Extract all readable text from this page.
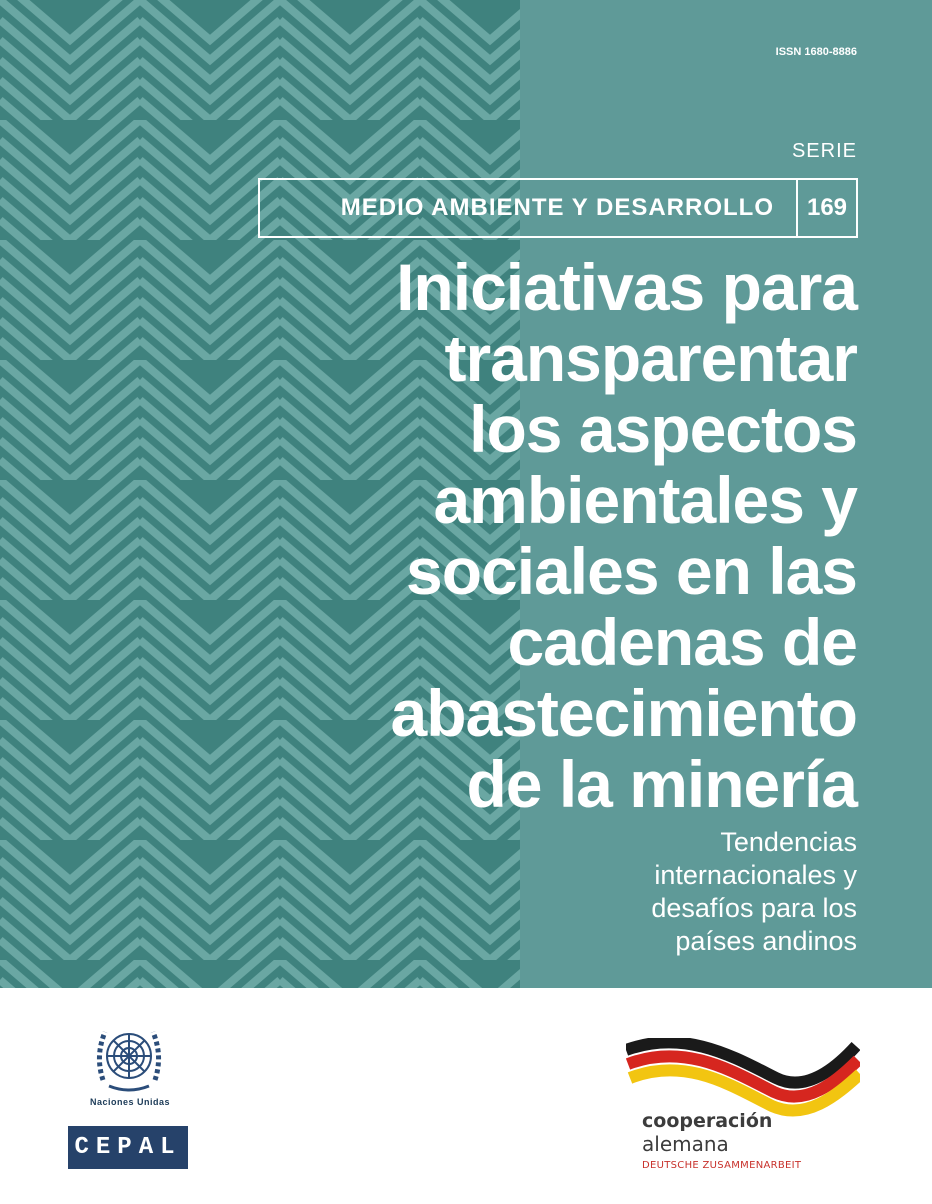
ISSN 1680-8886
SERIE
MEDIO AMBIENTE Y DESARROLLO	169
Iniciativas para
transparentar
los aspectos
ambientales y
sociales en las
cadenas de
abastecimiento
de la minería
Tendencias
internacionales y
desafíos para los
países andinos
Naciones Unidas
CEPAL
cooperación
alemana
DEUTSCHE ZUSAMMENARBEIT
